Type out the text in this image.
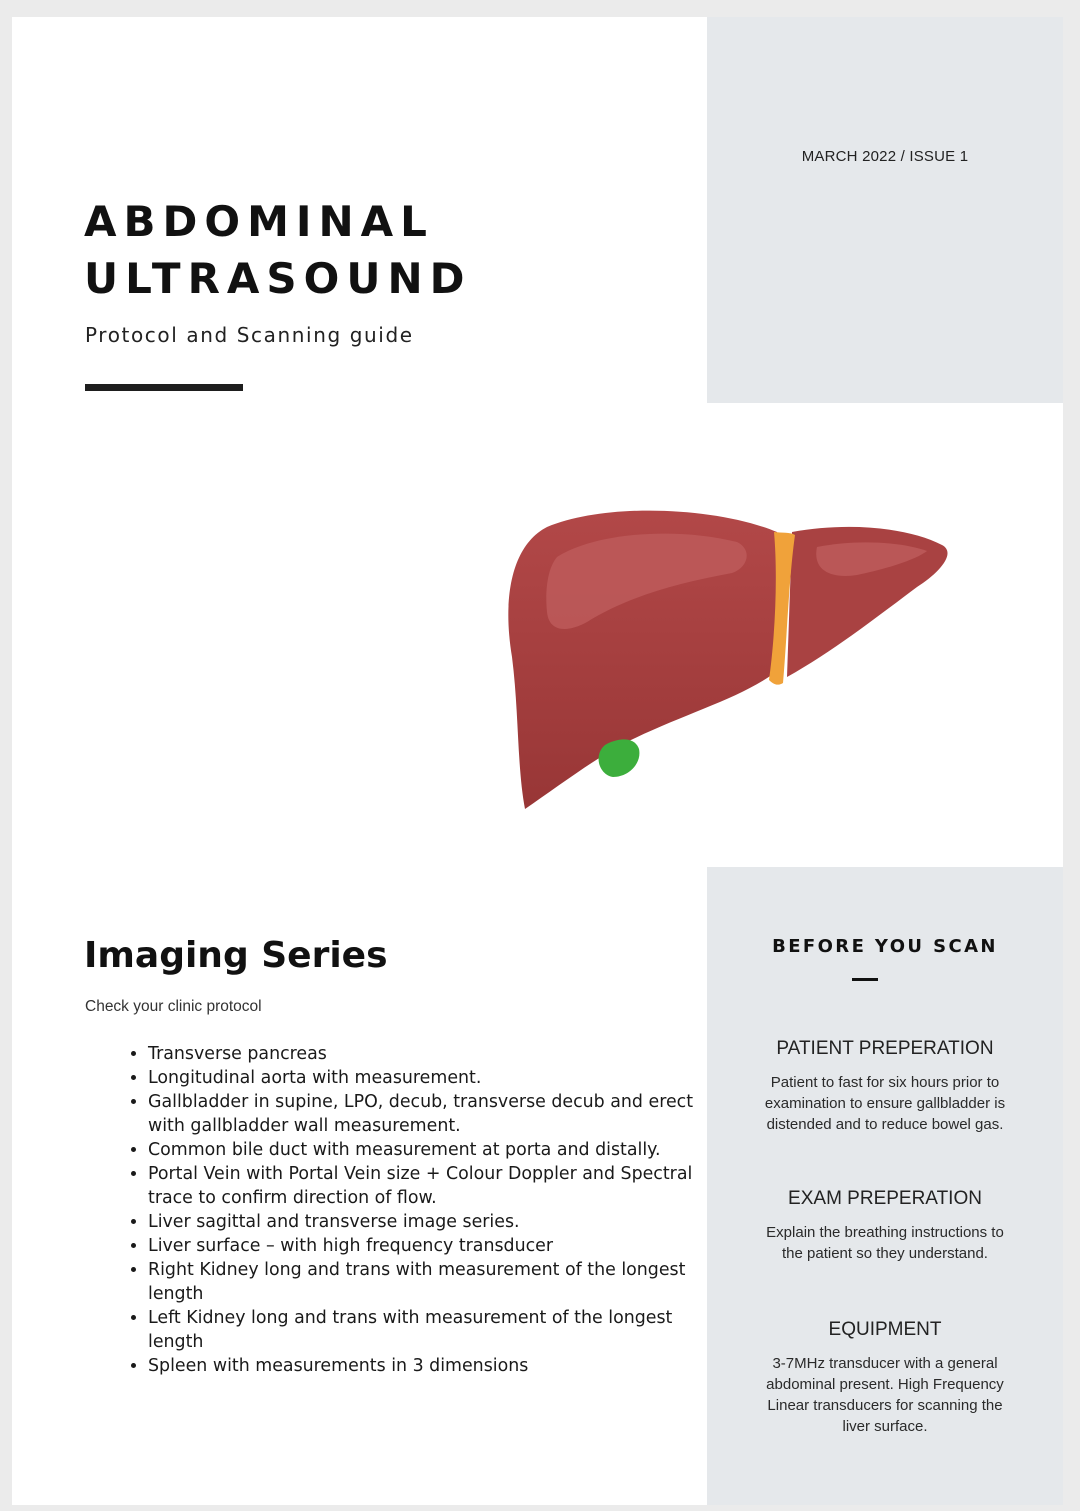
MARCH 2022 / ISSUE 1
ABDOMINAL
ULTRASOUND
Protocol and Scanning guide
Imaging Series
Check your clinic protocol
• Transverse pancreas
• Longitudinal aorta with measurement.
• Gallbladder in supine, LPO, decub, transverse decub and erect with gallbladder wall measurement.
• Common bile duct with measurement at porta and distally.
• Portal Vein with Portal Vein size + Colour Doppler and Spectral trace to confirm direction of flow.
• Liver sagittal and transverse image series.
• Liver surface – with high frequency transducer
• Right Kidney long and trans with measurement of the longest length
• Left Kidney long and trans with measurement of the longest length
• Spleen with measurements in 3 dimensions
BEFORE YOU SCAN
PATIENT PREPERATION
Patient to fast for six hours prior to examination to ensure gallbladder is distended and to reduce bowel gas.
EXAM PREPERATION
Explain the breathing instructions to the patient so they understand.
EQUIPMENT
3-7MHz transducer with a general abdominal present. High Frequency Linear transducers for scanning the liver surface.
